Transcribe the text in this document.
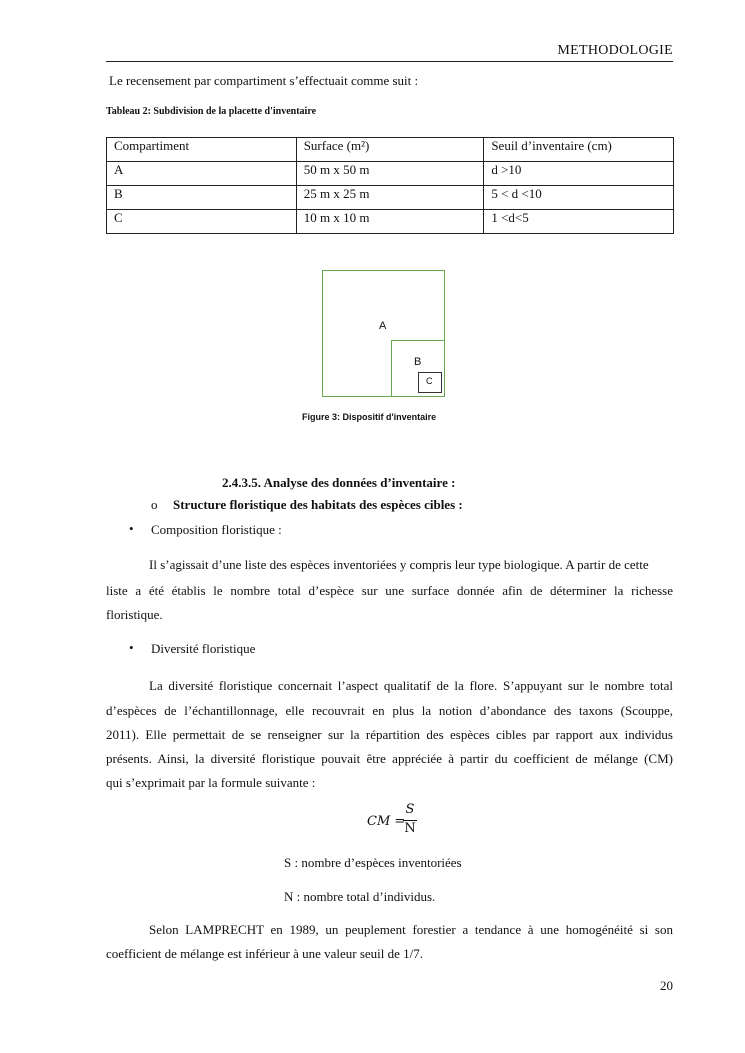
METHODOLOGIE
Le recensement par compartiment s’effectuait comme suit :
Tableau 2: Subdivision de la placette d'inventaire
Compartiment	Surface (m²)	Seuil d’inventaire (cm)
A	50 m x 50 m	d >10
B	25 m x 25 m	5 < d <10
C	10 m x 10 m	1 <d<5
A
B
C
Figure 3: Dispositif d'inventaire
2.4.3.5. Analyse des données d’inventaire :
o Structure floristique des habitats des espèces cibles :
• Composition floristique :
Il s’agissait d’une liste des espèces inventoriées y compris leur type biologique. A partir de cette
liste a été établis le nombre total d’espèce sur une surface donnée afin de déterminer la richesse
floristique.
• Diversité floristique
La diversité floristique concernait l’aspect qualitatif de la flore. S’appuyant sur le nombre total
d’espèces de l’échantillonnage, elle recouvrait en plus la notion d’abondance des taxons (Scouppe,
2011). Elle permettait de se renseigner sur la répartition des espèces cibles par rapport aux individus
présents. Ainsi, la diversité floristique pouvait être appréciée à partir du coefficient de mélange (CM)
qui s’exprimait par la formule suivante :
CM =
S
N
S : nombre d’espèces inventoriées
N : nombre total d’individus.
Selon LAMPRECHT en 1989, un peuplement forestier a tendance à une homogénéité si son
coefficient de mélange est inférieur à une valeur seuil de 1/7.
20
